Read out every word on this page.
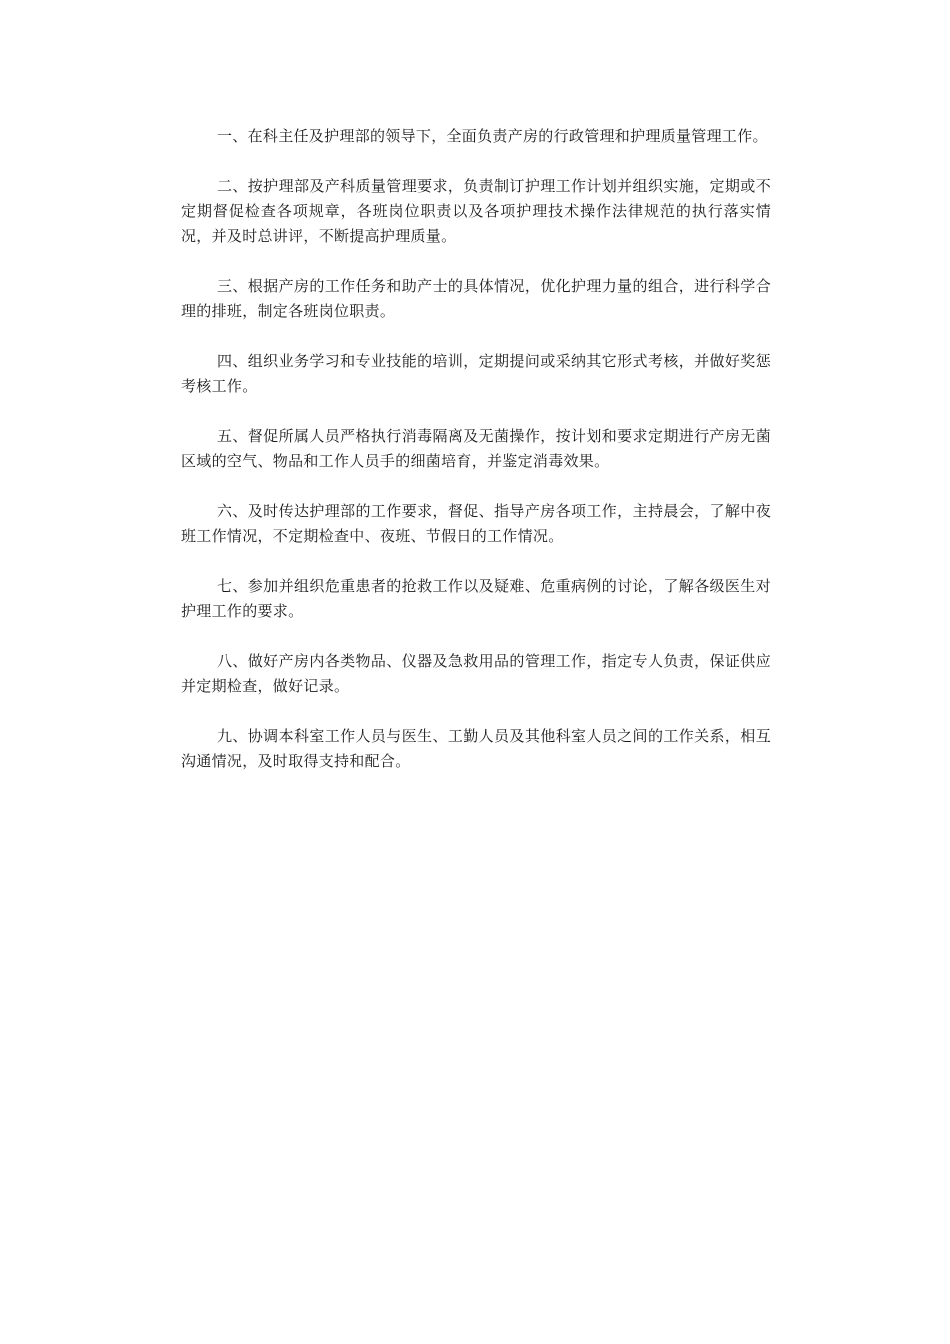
一、在科主任及护理部的领导下，全面负责产房的行政管理和护理质量管理工作。

二、按护理部及产科质量管理要求，负责制订护理工作计划并组织实施，定期或不定期督促检查各项规章，各班岗位职责以及各项护理技术操作法律规范的执行落实情况，并及时总讲评，不断提高护理质量。

三、根据产房的工作任务和助产士的具体情况，优化护理力量的组合，进行科学合理的排班，制定各班岗位职责。

四、组织业务学习和专业技能的培训，定期提问或采纳其它形式考核，并做好奖惩考核工作。

五、督促所属人员严格执行消毒隔离及无菌操作，按计划和要求定期进行产房无菌区域的空气、物品和工作人员手的细菌培育，并鉴定消毒效果。

六、及时传达护理部的工作要求，督促、指导产房各项工作，主持晨会，了解中夜班工作情况，不定期检查中、夜班、节假日的工作情况。

七、参加并组织危重患者的抢救工作以及疑难、危重病例的讨论，了解各级医生对护理工作的要求。

八、做好产房内各类物品、仪器及急救用品的管理工作，指定专人负责，保证供应并定期检查，做好记录。

九、协调本科室工作人员与医生、工勤人员及其他科室人员之间的工作关系，相互沟通情况，及时取得支持和配合。
